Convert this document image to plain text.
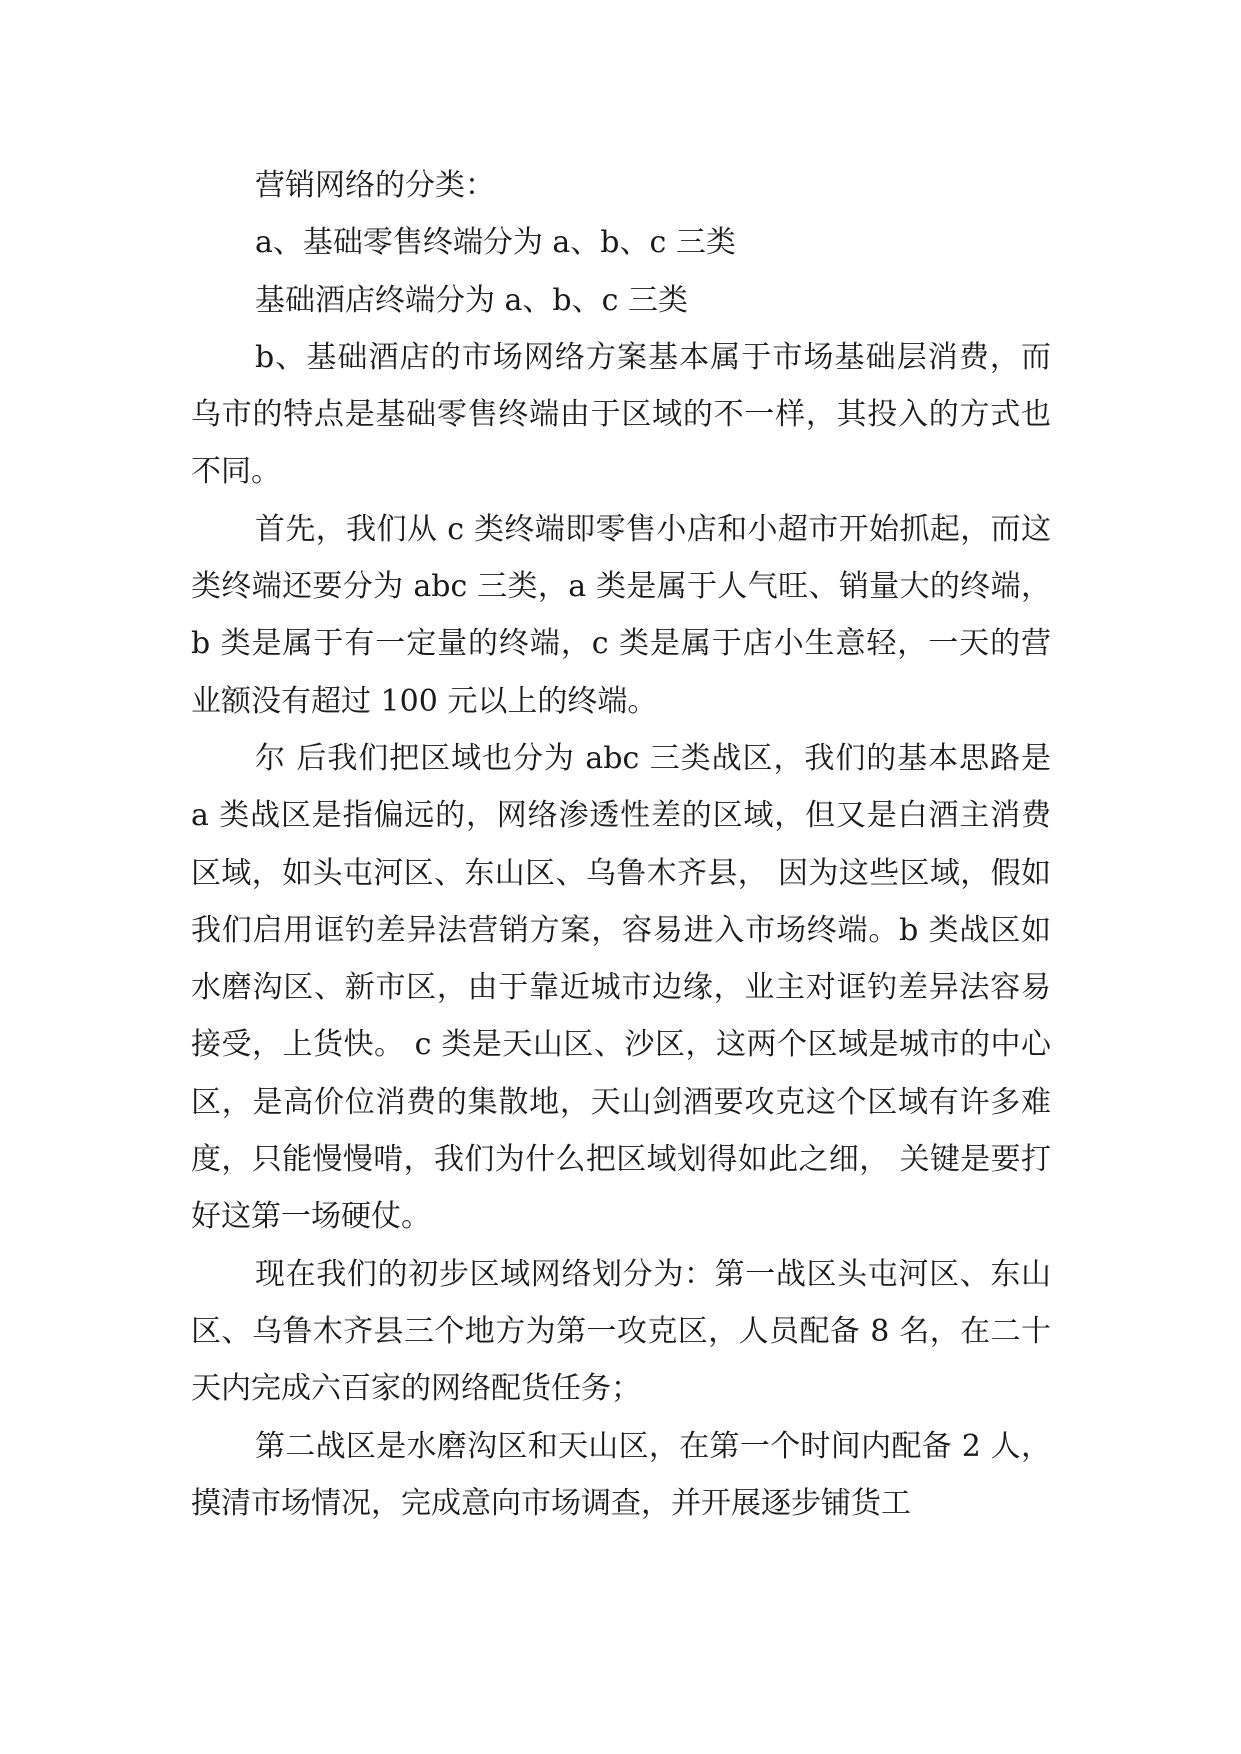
营销网络的分类：

a、基础零售终端分为 a、b、c 三类

基础酒店终端分为 a、b、c 三类

b、基础酒店的市场网络方案基本属于市场基础层消费，而乌市的特点是基础零售终端由于区域的不一样，其投入的方式也不同。

首先，我们从 c 类终端即零售小店和小超市开始抓起，而这类终端还要分为 abc 三类，a 类是属于人气旺、销量大的终端，b 类是属于有一定量的终端，c 类是属于店小生意轻，一天的营业额没有超过 100 元以上的终端。

尔 后我们把区域也分为 abc 三类战区，我们的基本思路是 a 类战区是指偏远的，网络渗透性差的区域，但又是白酒主消费区域，如头屯河区、东山区、乌鲁木齐县， 因为这些区域，假如我们启用诓钓差异法营销方案，容易进入市场终端。b 类战区如水磨沟区、新市区，由于靠近城市边缘，业主对诓钓差异法容易接受，上货快。 c 类是天山区、沙区，这两个区域是城市的中心区，是高价位消费的集散地，天山剑酒要攻克这个区域有许多难度，只能慢慢啃，我们为什么把区域划得如此之细， 关键是要打好这第一场硬仗。

现在我们的初步区域网络划分为：第一战区头屯河区、东山区、乌鲁木齐县三个地方为第一攻克区，人员配备 8 名，在二十天内完成六百家的网络配货任务；

第二战区是水磨沟区和天山区，在第一个时间内配备 2 人，摸清市场情况，完成意向市场调查，并开展逐步铺货工
